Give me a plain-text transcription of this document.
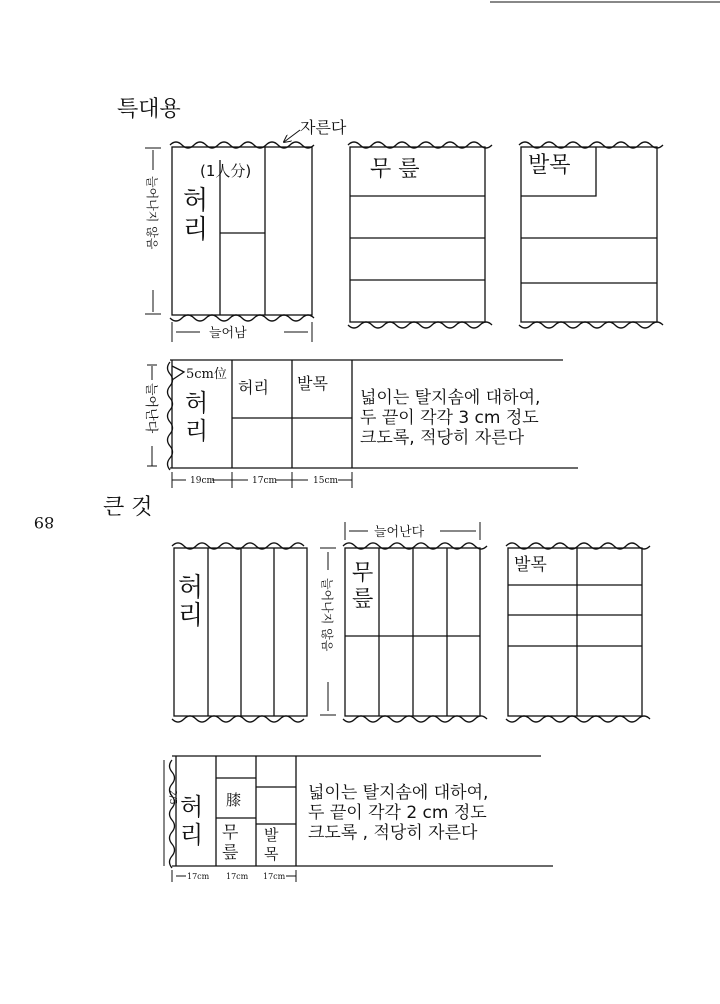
89
특대용
자른다
(1人分)
허
리
무 릎	발목
늘어나지 않음
늘어남
늘어난다
5cm位
허
리
허리 발목
19cm	17cm	15cm
넓이는 탈지솜에 대하여,
두 끝이 각각 3 cm 정도
크도록, 적당히 자른다
큰 것
허
리
늘어난다
늘어나지 않음
무
릎
발목
2/5 허
리
膝
무
릎
발
목
17cm 17cm 17cm
넓이는 탈지솜에 대하여,
두 끝이 각각 2 cm 정도
크도록 , 적당히 자른다
